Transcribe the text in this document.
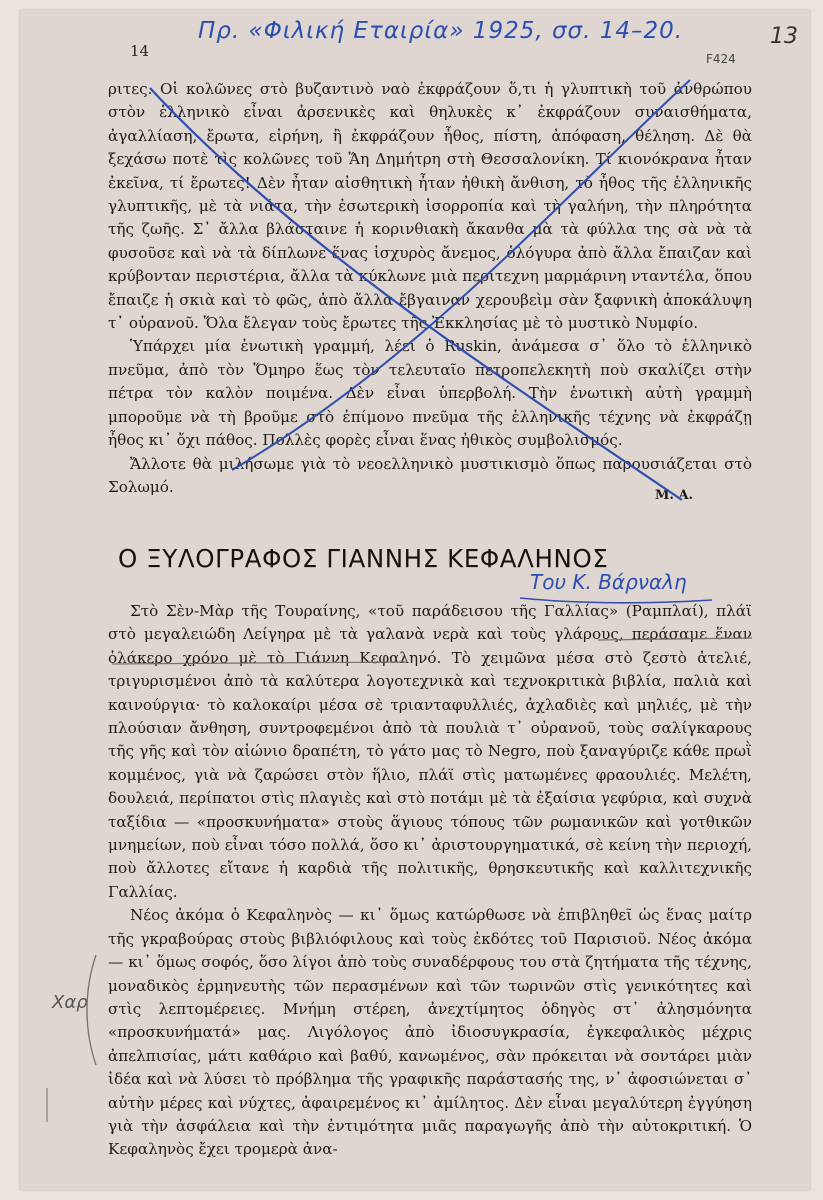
14
Πρ. «Φιλική Εταιρία» 1925, σσ. 14–20.	13
F424

ριτες. Οἱ κολῶνες στὸ βυζαντινὸ ναὸ ἐκφράζουν ὅ,τι ἡ γλυπτικὴ τοῦ ἀνθρώπου στὸν ἑλληνικὸ εἶναι ἀρσενικὲς καὶ θηλυκὲς κ᾽ ἐκφράζουν συναισθήματα, ἀγαλλίαση, ἔρωτα, εἰρήνη, ἢ ἐκφράζουν ἦθος, πίστη, ἀπόφαση, θέληση. Δὲ θὰ ξεχάσω ποτὲ τὶς κολῶνες τοῦ Ἅη Δημήτρη στὴ Θεσσαλονίκη. Τί κιονόκρανα ἦταν ἐκεῖνα, τί ἔρωτες! Δὲν ἦταν αἰσθητικὴ ἦταν ἠθικὴ ἄνθιση, τὸ ἦθος τῆς ἑλληνικῆς γλυπτικῆς, μὲ τὰ νιάτα, τὴν ἐσωτερικὴ ἰσορροπία καὶ τὴ γαλήνη, τὴν πληρότητα τῆς ζωῆς. Σ᾽ ἄλλα βλάσταινε ἡ κορινθιακὴ ἄκανθα μὰ τὰ φύλλα της σὰ νὰ τὰ φυσοῦσε καὶ νὰ τὰ δίπλωνε ἕνας ἰσχυρὸς ἄνεμος, ὁλόγυρα ἀπὸ ἄλλα ἔπαιζαν καὶ κρύβονταν περιστέρια, ἄλλα τὰ κύκλωνε μιὰ περίτεχνη μαρμάρινη νταντέλα, ὅπου ἔπαιζε ἡ σκιὰ καὶ τὸ φῶς, ἀπὸ ἄλλα ἔβγαιναν χερουβεὶμ σὰν ξαφνικὴ ἀποκάλυψη τ᾽ οὐρανοῦ. Ὅλα ἔλεγαν τοὺς ἔρωτες τῆς Ἐκκλησίας μὲ τὸ μυστικὸ Νυμφίο.

Ὑπάρχει μία ἑνωτικὴ γραμμή, λέει ὁ Ruskin, ἀνάμεσα σ᾽ ὅλο τὸ ἑλληνικὸ πνεῦμα, ἀπὸ τὸν Ὅμηρο ἕως τὸν τελευταῖο πετροπελεκητὴ ποὺ σκαλίζει στὴν πέτρα τὸν καλὸν ποιμένα. Δὲν εἶναι ὑπερβολή. Τὴν ἑνωτικὴ αὐτὴ γραμμὴ μποροῦμε νὰ τὴ βροῦμε στὸ ἐπίμονο πνεῦμα τῆς ἑλληνικῆς τέχνης νὰ ἐκφράζῃ ἦθος κι᾽ ὄχι πάθος. Πολλὲς φορὲς εἶναι ἕνας ἠθικὸς συμβολισμός.

Ἄλλοτε θὰ μιλήσωμε γιὰ τὸ νεοελληνικὸ μυστικισμὸ ὅπως παρουσιάζεται στὸ Σολωμό.	Μ. Α.
Ο ΞΥΛΟΓΡΑΦΟΣ ΓΙΑΝΝΗΣ ΚΕΦΑΛΗΝΟΣ
Του Κ. Βάρναλη

Στὸ Σὲν-Μὰρ τῆς Τουραίνης, «τοῦ παράδεισου τῆς Γαλλίας» (Ραμπλαί), πλάϊ στὸ μεγαλειώδη Λείγηρα μὲ τὰ γαλανὰ νερὰ καὶ τοὺς γλάρους, περάσαμε ἕναν ὁλάκερο χρόνο μὲ τὸ Γιάννη Κεφαληνό. Τὸ χειμῶνα μέσα στὸ ζεστὸ ἀτελιέ, τριγυρισμένοι ἀπὸ τὰ καλύτερα λογοτεχνικὰ καὶ τεχνοκριτικὰ βιβλία, παλιὰ καὶ καινούργια· τὸ καλοκαίρι μέσα σὲ τριανταφυλλιές, ἀχλαδιὲς καὶ μηλιές, μὲ τὴν πλούσιαν ἄνθηση, συντροφεμένοι ἀπὸ τὰ πουλιὰ τ᾽ οὐρανοῦ, τοὺς σαλίγκαρους τῆς γῆς καὶ τὸν αἰώνιο δραπέτη, τὸ γάτο μας τὸ Negro, ποὺ ξαναγύριζε κάθε πρωῒ κομμένος, γιὰ νὰ ζαρώσει στὸν ἥλιο, πλάϊ στὶς ματωμένες φραουλιές. Μελέτη, δουλειά, περίπατοι στὶς πλαγιὲς καὶ στὸ ποτάμι μὲ τὰ ἐξαίσια γεφύρια, καὶ συχνὰ ταξίδια — «προσκυνήματα» στοὺς ἅγιους τόπους τῶν ρωμανικῶν καὶ γοτθικῶν μνημείων, ποὺ εἶναι τόσο πολλά, ὅσο κι᾽ ἀριστουργηματικά, σὲ κείνη τὴν περιοχή, ποὺ ἄλλοτες εἴτανε ἡ καρδιὰ τῆς πολιτικῆς, θρησκευτικῆς καὶ καλλιτεχνικῆς Γαλλίας.

Νέος ἀκόμα ὁ Κεφαληνὸς — κι᾽ ὅμως κατώρθωσε νὰ ἐπιβληθεῖ ὡς ἕνας μαίτρ τῆς γκραβούρας στοὺς βιβλιόφιλους καὶ τοὺς ἐκδότες τοῦ Παρισιοῦ. Νέος ἀκόμα — κι᾽ ὅμως σοφός, ὅσο λίγοι ἀπὸ τοὺς συναδέρφους του στὰ ζητήματα τῆς τέχνης, μοναδικὸς ἑρμηνευτὴς τῶν περασμένων καὶ τῶν τωρινῶν στὶς γενικότητες καὶ στὶς λεπτομέρειες. Μνήμη στέρεη, ἀνεχτίμητος ὁδηγὸς στ᾽ ἀλησμόνητα «προσκυνήματά» μας. Λιγόλογος ἀπὸ ἰδιοσυγκρασία, ἐγκεφαλικὸς μέχρις ἀπελπισίας, μάτι καθάριο καὶ βαθύ, κανωμένος, σὰν πρόκειται νὰ σοντάρει μιὰν ἰδέα καὶ νὰ λύσει τὸ πρόβλημα τῆς γραφικῆς παράστασής της, ν᾽ ἀφοσιώνεται σ᾽ αὐτὴν μέρες καὶ νύχτες, ἀφαιρεμένος κι᾽ ἀμίλητος. Δὲν εἶναι μεγαλύτερη ἐγγύηση γιὰ τὴν ἀσφάλεια καὶ τὴν ἐντιμότητα μιᾶς παραγωγῆς ἀπὸ τὴν αὐτοκριτική. Ὁ Κεφαληνὸς ἔχει τρομερὰ ἀνα-

Χαρ
